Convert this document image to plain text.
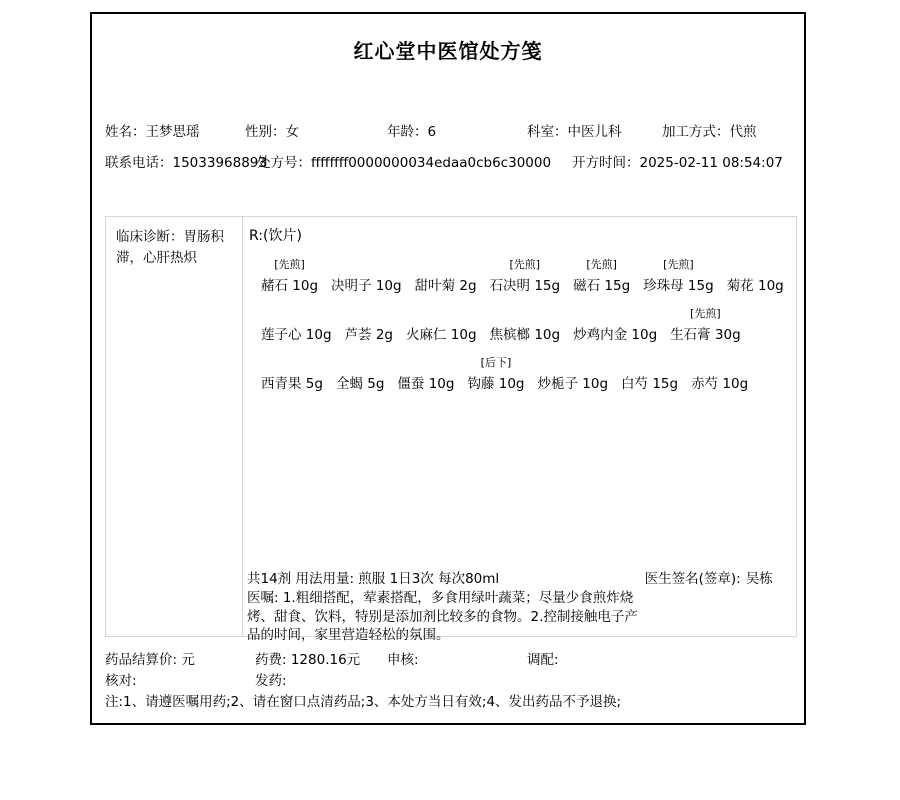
红心堂中医馆处方笺
姓名：王梦思瑶	性别：女	年龄：6	科室：中医儿科	加工方式：代煎
联系电话：15033968893处方号：ffffffff0000000034edaa0cb6c30000 开方时间：2025-02-11 08:54:07
临床诊断：胃肠积滞，心肝热炽
R:(饮片)
[先煎]
赭石 10g
决明子 10g
甜叶菊 2g
[先煎]
石决明 15g
[先煎]
磁石 15g
[先煎]
珍珠母 15g
菊花 10g

莲子心 10g
芦荟 2g
火麻仁 10g
焦槟榔 10g
炒鸡内金 10g
[先煎]
生石膏 30g

西青果 5g
全蝎 5g
僵蚕 10g
[后下]
钩藤 10g
炒栀子 10g
白芍 15g
赤芍 10g
共14剂 用法用量: 煎服 1日3次 每次80ml	医生签名(签章): 吴栋
医嘱: 1.粗细搭配，荤素搭配，多食用绿叶蔬菜；尽量少食煎炸烧烤、甜食、饮料，特别是添加剂比较多的食物。2.控制接触电子产品的时间，家里营造轻松的氛围。
药品结算价: 元	药费: 1280.16元	申核:	调配:
核对:	发药:
注:1、请遵医嘱用药;2、请在窗口点清药品;3、本处方当日有效;4、发出药品不予退换;
